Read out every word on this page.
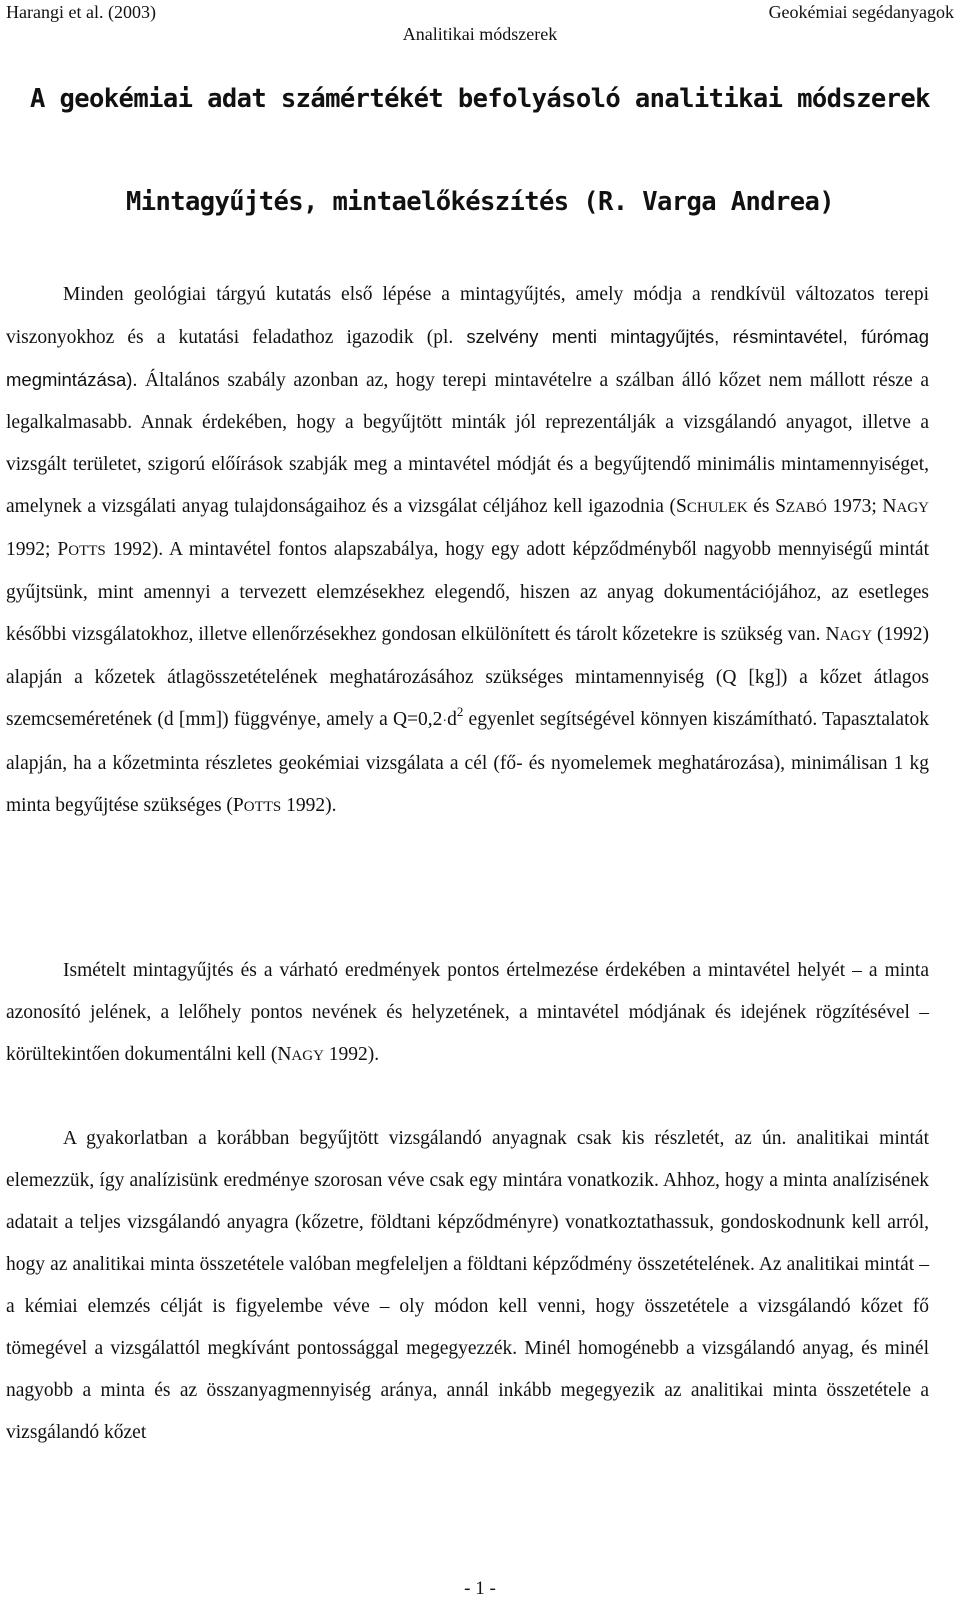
Harangi et al. (2003)	Geokémiai segédanyagok
Analitikai módszerek
A geokémiai adat számértékét befolyásoló analitikai módszerek
Mintagyűjtés, mintaelőkészítés (R. Varga Andrea)

Minden geológiai tárgyú kutatás első lépése a mintagyűjtés, amely módja a rendkívül változatos terepi viszonyokhoz és a kutatási feladathoz igazodik (pl. szelvény menti mintagyűjtés, résmintavétel, fúrómag megmintázása). Általános szabály azonban az, hogy terepi mintavételre a szálban álló kőzet nem mállott része a legalkalmasabb. Annak érdekében, hogy a begyűjtött minták jól reprezentálják a vizsgálandó anyagot, illetve a vizsgált területet, szigorú előírások szabják meg a mintavétel módját és a begyűjtendő minimális mintamennyiséget, amelynek a vizsgálati anyag tulajdonságaihoz és a vizsgálat céljához kell igazodnia (SCHULEK és SZABÓ 1973; NAGY 1992; POTTS 1992). A mintavétel fontos alapszabálya, hogy egy adott képződményből nagyobb mennyiségű mintát gyűjtsünk, mint amennyi a tervezett elemzésekhez elegendő, hiszen az anyag dokumentációjához, az esetleges későbbi vizsgálatokhoz, illetve ellenőrzésekhez gondosan elkülönített és tárolt kőzetekre is szükség van. NAGY (1992) alapján a kőzetek átlagösszetételének meghatározásához szükséges mintamennyiség (Q [kg]) a kőzet átlagos szemcseméretének (d [mm]) függvénye, amely a $Q=0,2\cdot d^2$ egyenlet segítségével könnyen kiszámítható. Tapasztalatok alapján, ha a kőzetminta részletes geokémiai vizsgálata a cél (fő- és nyomelemek meghatározása), minimálisan 1 kg minta begyűjtése szükséges (POTTS 1992).

Ismételt mintagyűjtés és a várható eredmények pontos értelmezése érdekében a mintavétel helyét – a minta azonosító jelének, a lelőhely pontos nevének és helyzetének, a mintavétel módjának és idejének rögzítésével – körültekintően dokumentálni kell (NAGY 1992).

A gyakorlatban a korábban begyűjtött vizsgálandó anyagnak csak kis részletét, az ún. analitikai mintát elemezzük, így analízisünk eredménye szorosan véve csak egy mintára vonatkozik. Ahhoz, hogy a minta analízisének adatait a teljes vizsgálandó anyagra (kőzetre, földtani képződményre) vonatkoztathassuk, gondoskodnunk kell arról, hogy az analitikai minta összetétele valóban megfeleljen a földtani képződmény összetételének. Az analitikai mintát – a kémiai elemzés célját is figyelembe véve – oly módon kell venni, hogy összetétele a vizsgálandó kőzet fő tömegével a vizsgálattól megkívánt pontossággal megegyezzék. Minél homogénebb a vizsgálandó anyag, és minél nagyobb a minta és az összanyagmennyiség aránya, annál inkább megegyezik az analitikai minta összetétele a vizsgálandó kőzet

- 1 -
